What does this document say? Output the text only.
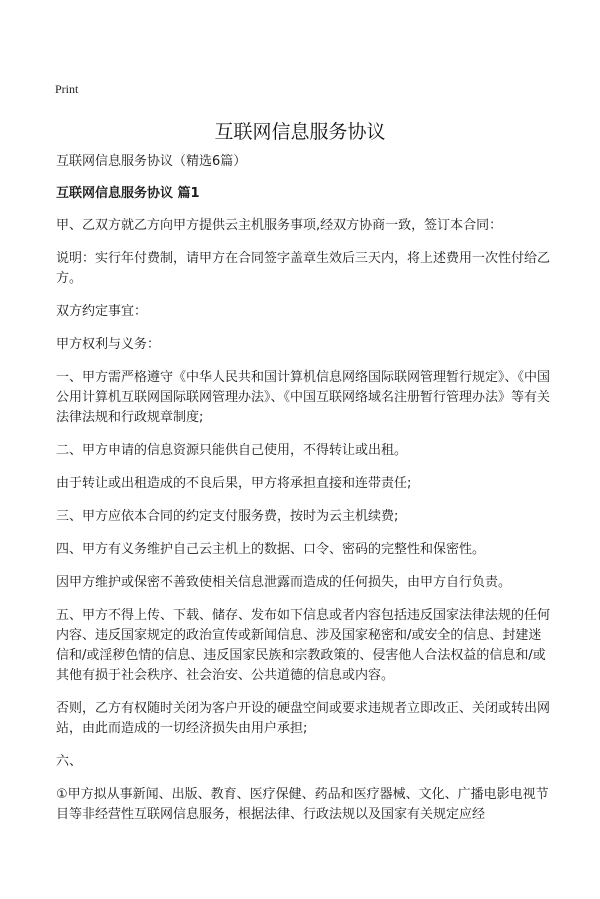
Print
互联网信息服务协议

互联网信息服务协议（精选6篇）

互联网信息服务协议 篇1

甲、乙双方就乙方向甲方提供云主机服务事项,经双方协商一致，签订本合同：

说明：实行年付费制，请甲方在合同签字盖章生效后三天内，将上述费用一次性付给乙方。

双方约定事宜：

甲方权利与义务：

一、甲方需严格遵守《中华人民共和国计算机信息网络国际联网管理暂行规定》、《中国公用计算机互联网国际联网管理办法》、《中国互联网络域名注册暂行管理办法》等有关法律法规和行政规章制度;

二、甲方申请的信息资源只能供自己使用，不得转让或出租。

由于转让或出租造成的不良后果，甲方将承担直接和连带责任;

三、甲方应依本合同的约定支付服务费，按时为云主机续费;

四、甲方有义务维护自己云主机上的数据、口令、密码的完整性和保密性。

因甲方维护或保密不善致使相关信息泄露而造成的任何损失，由甲方自行负责。

五、甲方不得上传、下载、储存、发布如下信息或者内容包括违反国家法律法规的任何内容、违反国家规定的政治宣传或新闻信息、涉及国家秘密和/或安全的信息、封建迷信和/或淫秽色情的信息、违反国家民族和宗教政策的、侵害他人合法权益的信息和/或其他有损于社会秩序、社会治安、公共道德的信息或内容。

否则，乙方有权随时关闭为客户开设的硬盘空间或要求违规者立即改正、关闭或转出网站，由此而造成的一切经济损失由用户承担;

六、

①甲方拟从事新闻、出版、教育、医疗保健、药品和医疗器械、文化、广播电影电视节目等非经营性互联网信息服务，根据法律、行政法规以及国家有关规定应经
